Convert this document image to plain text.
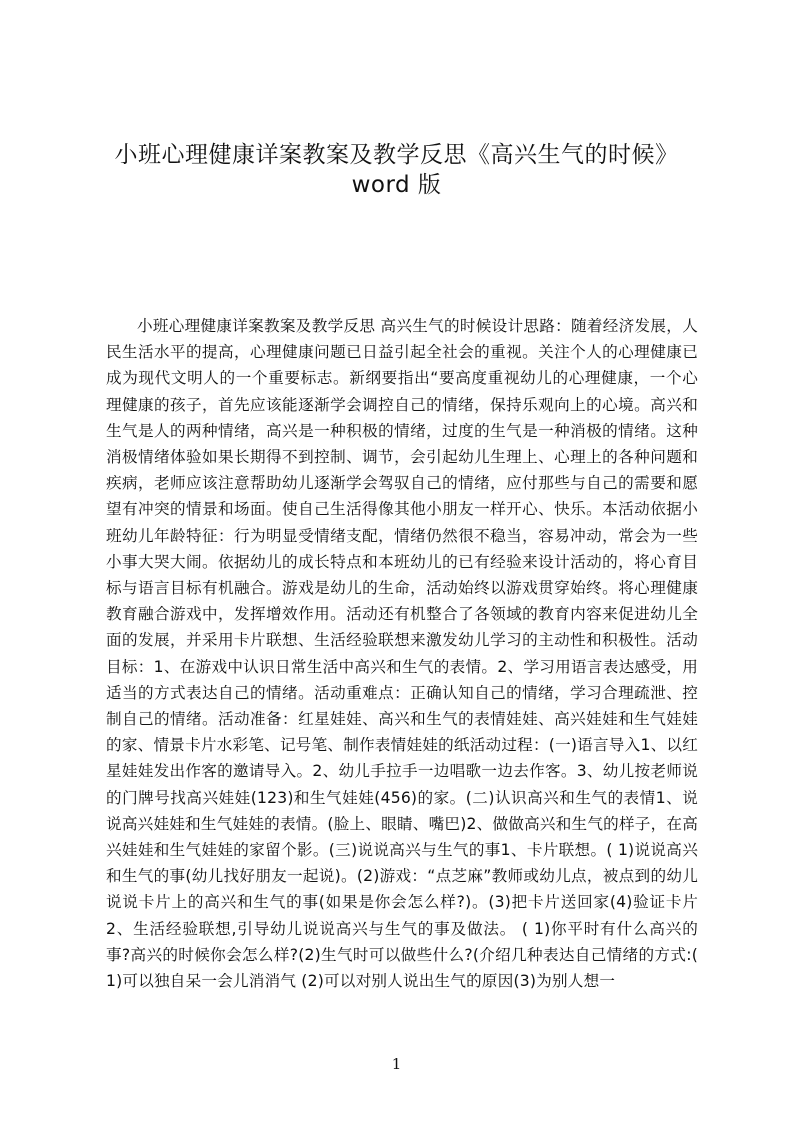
小班心理健康详案教案及教学反思《高兴生气的时候》
word 版

小班心理健康详案教案及教学反思 高兴生气的时候设计思路：随着经济发展，人民生活水平的提高，心理健康问题已日益引起全社会的重视。关注个人的心理健康已成为现代文明人的一个重要标志。新纲要指出“要高度重视幼儿的心理健康，一个心理健康的孩子，首先应该能逐渐学会调控自己的情绪，保持乐观向上的心境。高兴和生气是人的两种情绪，高兴是一种积极的情绪，过度的生气是一种消极的情绪。这种消极情绪体验如果长期得不到控制、调节，会引起幼儿生理上、心理上的各种问题和疾病，老师应该注意帮助幼儿逐渐学会驾驭自己的情绪，应付那些与自己的需要和愿望有冲突的情景和场面。使自己生活得像其他小朋友一样开心、快乐。本活动依据小班幼儿年龄特征：行为明显受情绪支配，情绪仍然很不稳当，容易冲动，常会为一些小事大哭大闹。依据幼儿的成长特点和本班幼儿的已有经验来设计活动的，将心育目标与语言目标有机融合。游戏是幼儿的生命，活动始终以游戏贯穿始终。将心理健康教育融合游戏中，发挥增效作用。活动还有机整合了各领域的教育内容来促进幼儿全面的发展，并采用卡片联想、生活经验联想来激发幼儿学习的主动性和积极性。活动目标：1、在游戏中认识日常生活中高兴和生气的表情。2、学习用语言表达感受，用适当的方式表达自己的情绪。活动重难点：正确认知自己的情绪，学习合理疏泄、控制自己的情绪。活动准备：红星娃娃、高兴和生气的表情娃娃、高兴娃娃和生气娃娃的家、情景卡片水彩笔、记号笔、制作表情娃娃的纸活动过程：(一)语言导入1、以红星娃娃发出作客的邀请导入。2、幼儿手拉手一边唱歌一边去作客。3、幼儿按老师说的门牌号找高兴娃娃(123)和生气娃娃(456)的家。(二)认识高兴和生气的表情1、说说高兴娃娃和生气娃娃的表情。(脸上、眼睛、嘴巴)2、做做高兴和生气的样子，在高兴娃娃和生气娃娃的家留个影。(三)说说高兴与生气的事1、卡片联想。( 1)说说高兴和生气的事(幼儿找好朋友一起说)。(2)游戏：“点芝麻”教师或幼儿点，被点到的幼儿说说卡片上的高兴和生气的事(如果是你会怎么样?)。(3)把卡片送回家(4)验证卡片 2、生活经验联想,引导幼儿说说高兴与生气的事及做法。 ( 1)你平时有什么高兴的事?高兴的时候你会怎么样?(2)生气时可以做些什么?(介绍几种表达自己情绪的方式:( 1)可以独自呆一会儿消消气 (2)可以对别人说出生气的原因(3)为别人想一

1
